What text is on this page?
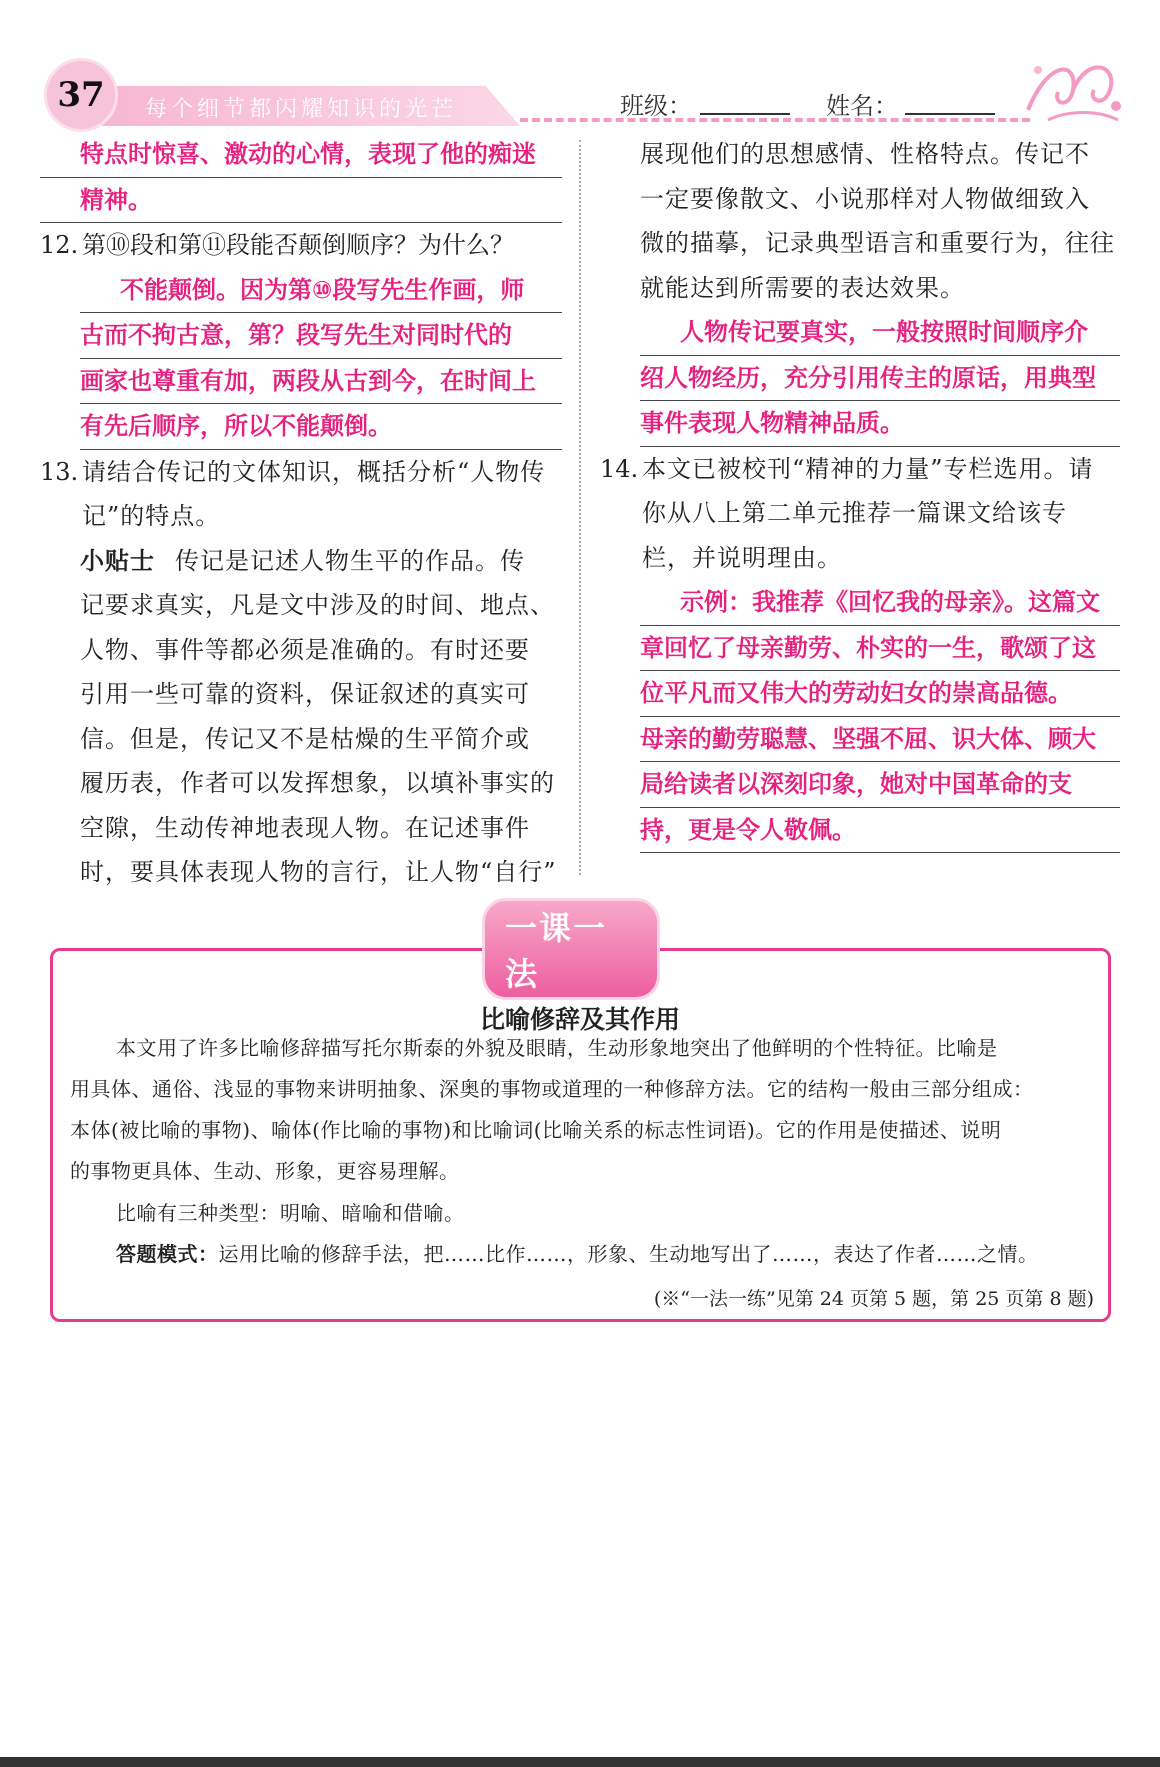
37	每个细节都闪耀知识的光芒	班级：	姓名：
特点时惊喜、激动的心情，表现了他的痴迷
精神。
12. 第⑩段和第⑪段能否颠倒顺序？为什么？
不能颠倒。因为第⑩段写先生作画，师
古而不拘古意，第？段写先生对同时代的
画家也尊重有加，两段从古到今，在时间上
有先后顺序，所以不能颠倒。
13. 请结合传记的文体知识，概括分析“人物传
记”的特点。
小贴士 传记是记述人物生平的作品。传
记要求真实，凡是文中涉及的时间、地点、
人物、事件等都必须是准确的。有时还要
引用一些可靠的资料，保证叙述的真实可
信。但是，传记又不是枯燥的生平简介或
履历表，作者可以发挥想象，以填补事实的
空隙，生动传神地表现人物。在记述事件
时，要具体表现人物的言行，让人物“自行”
展现他们的思想感情、性格特点。传记不
一定要像散文、小说那样对人物做细致入
微的描摹，记录典型语言和重要行为，往往
就能达到所需要的表达效果。
人物传记要真实，一般按照时间顺序介
绍人物经历，充分引用传主的原话，用典型
事件表现人物精神品质。
14. 本文已被校刊“精神的力量”专栏选用。请
你从八上第二单元推荐一篇课文给该专
栏，并说明理由。
示例：我推荐《回忆我的母亲》。这篇文
章回忆了母亲勤劳、朴实的一生，歌颂了这
位平凡而又伟大的劳动妇女的崇高品德。
母亲的勤劳聪慧、坚强不屈、识大体、顾大
局给读者以深刻印象，她对中国革命的支
持，更是令人敬佩。
一课一法
比喻修辞及其作用
本文用了许多比喻修辞描写托尔斯泰的外貌及眼睛，生动形象地突出了他鲜明的个性特征。比喻是
用具体、通俗、浅显的事物来讲明抽象、深奥的事物或道理的一种修辞方法。它的结构一般由三部分组成：
本体(被比喻的事物)、喻体(作比喻的事物)和比喻词(比喻关系的标志性词语)。它的作用是使描述、说明
的事物更具体、生动、形象，更容易理解。
比喻有三种类型：明喻、暗喻和借喻。
答题模式：运用比喻的修辞手法，把……比作……，形象、生动地写出了……，表达了作者……之情。
(※“一法一练”见第 24 页第 5 题，第 25 页第 8 题)
